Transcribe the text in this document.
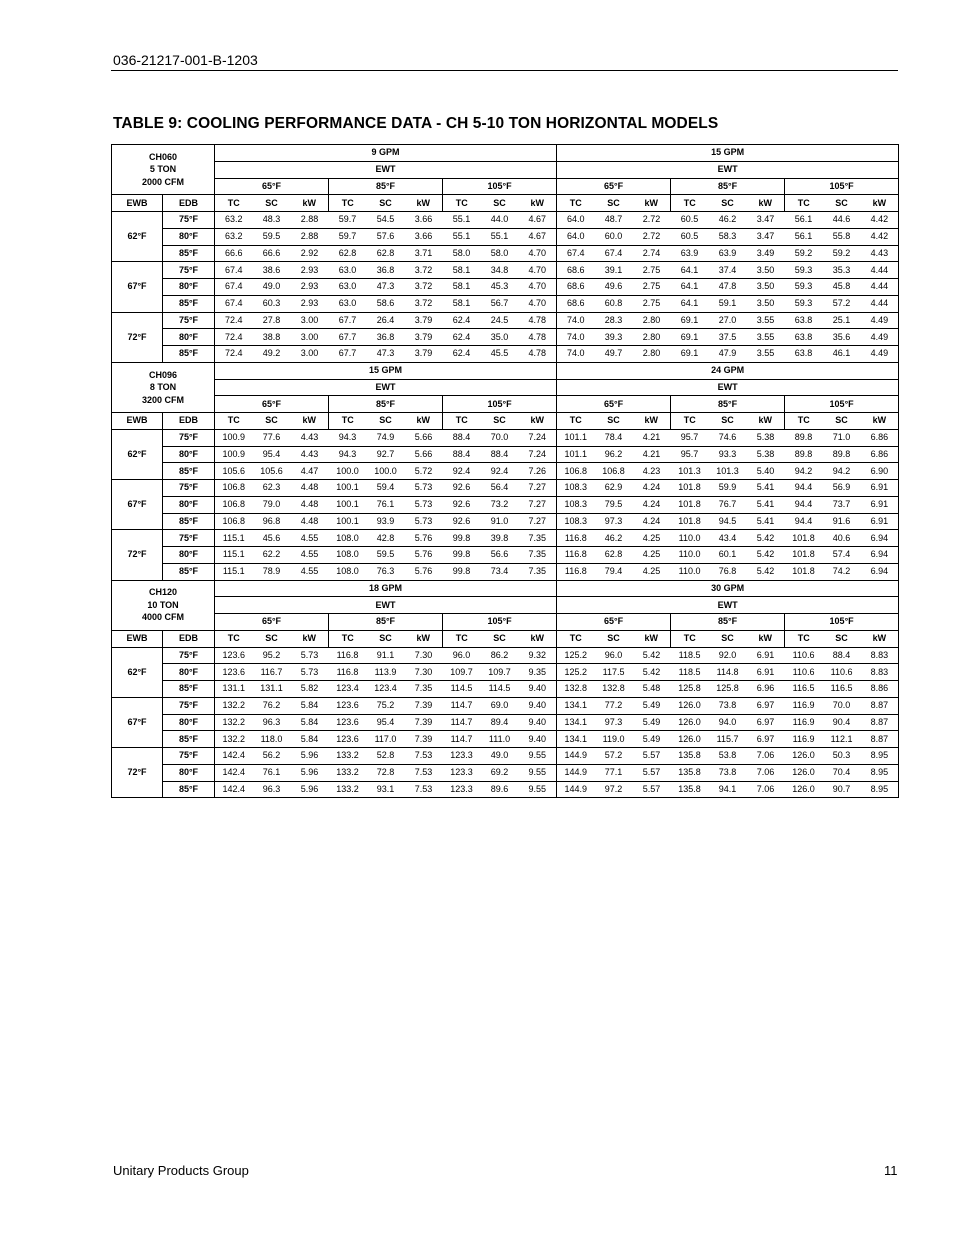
036-21217-001-B-1203
TABLE 9: COOLING PERFORMANCE DATA - CH 5-10 TON HORIZONTAL MODELS
CH060
5 TON
2000 CFM		9 GPM									15 GPM								
		EWT									EWT								
		65°F			85°F			105°F			65°F			85°F			105°F		
EWB	EDB	TC	SC	kW	TC	SC	kW	TC	SC	kW	TC	SC	kW	TC	SC	kW	TC	SC	kW
62°F	75°F	63.2	48.3	2.88	59.7	54.5	3.66	55.1	44.0	4.67	64.0	48.7	2.72	60.5	46.2	3.47	56.1	44.6	4.42
	80°F	63.2	59.5	2.88	59.7	57.6	3.66	55.1	55.1	4.67	64.0	60.0	2.72	60.5	58.3	3.47	56.1	55.8	4.42
	85°F	66.6	66.6	2.92	62.8	62.8	3.71	58.0	58.0	4.70	67.4	67.4	2.74	63.9	63.9	3.49	59.2	59.2	4.43
67°F	75°F	67.4	38.6	2.93	63.0	36.8	3.72	58.1	34.8	4.70	68.6	39.1	2.75	64.1	37.4	3.50	59.3	35.3	4.44
	80°F	67.4	49.0	2.93	63.0	47.3	3.72	58.1	45.3	4.70	68.6	49.6	2.75	64.1	47.8	3.50	59.3	45.8	4.44
	85°F	67.4	60.3	2.93	63.0	58.6	3.72	58.1	56.7	4.70	68.6	60.8	2.75	64.1	59.1	3.50	59.3	57.2	4.44
72°F	75°F	72.4	27.8	3.00	67.7	26.4	3.79	62.4	24.5	4.78	74.0	28.3	2.80	69.1	27.0	3.55	63.8	25.1	4.49
	80°F	72.4	38.8	3.00	67.7	36.8	3.79	62.4	35.0	4.78	74.0	39.3	2.80	69.1	37.5	3.55	63.8	35.6	4.49
	85°F	72.4	49.2	3.00	67.7	47.3	3.79	62.4	45.5	4.78	74.0	49.7	2.80	69.1	47.9	3.55	63.8	46.1	4.49

CH096
8 TON
3200 CFM		15 GPM									24 GPM								
		EWT									EWT								
		65°F			85°F			105°F			65°F			85°F			105°F		
EWB	EDB	TC	SC	kW	TC	SC	kW	TC	SC	kW	TC	SC	kW	TC	SC	kW	TC	SC	kW
62°F	75°F	100.9	77.6	4.43	94.3	74.9	5.66	88.4	70.0	7.24	101.1	78.4	4.21	95.7	74.6	5.38	89.8	71.0	6.86
	80°F	100.9	95.4	4.43	94.3	92.7	5.66	88.4	88.4	7.24	101.1	96.2	4.21	95.7	93.3	5.38	89.8	89.8	6.86
	85°F	105.6	105.6	4.47	100.0	100.0	5.72	92.4	92.4	7.26	106.8	106.8	4.23	101.3	101.3	5.40	94.2	94.2	6.90
67°F	75°F	106.8	62.3	4.48	100.1	59.4	5.73	92.6	56.4	7.27	108.3	62.9	4.24	101.8	59.9	5.41	94.4	56.9	6.91
	80°F	106.8	79.0	4.48	100.1	76.1	5.73	92.6	73.2	7.27	108.3	79.5	4.24	101.8	76.7	5.41	94.4	73.7	6.91
	85°F	106.8	96.8	4.48	100.1	93.9	5.73	92.6	91.0	7.27	108.3	97.3	4.24	101.8	94.5	5.41	94.4	91.6	6.91
72°F	75°F	115.1	45.6	4.55	108.0	42.8	5.76	99.8	39.8	7.35	116.8	46.2	4.25	110.0	43.4	5.42	101.8	40.6	6.94
	80°F	115.1	62.2	4.55	108.0	59.5	5.76	99.8	56.6	7.35	116.8	62.8	4.25	110.0	60.1	5.42	101.8	57.4	6.94
	85°F	115.1	78.9	4.55	108.0	76.3	5.76	99.8	73.4	7.35	116.8	79.4	4.25	110.0	76.8	5.42	101.8	74.2	6.94

CH120
10 TON
4000 CFM		18 GPM									30 GPM								
		EWT									EWT								
		65°F			85°F			105°F			65°F			85°F			105°F		
EWB	EDB	TC	SC	kW	TC	SC	kW	TC	SC	kW	TC	SC	kW	TC	SC	kW	TC	SC	kW
62°F	75°F	123.6	95.2	5.73	116.8	91.1	7.30	96.0	86.2	9.32	125.2	96.0	5.42	118.5	92.0	6.91	110.6	88.4	8.83
	80°F	123.6	116.7	5.73	116.8	113.9	7.30	109.7	109.7	9.35	125.2	117.5	5.42	118.5	114.8	6.91	110.6	110.6	8.83
	85°F	131.1	131.1	5.82	123.4	123.4	7.35	114.5	114.5	9.40	132.8	132.8	5.48	125.8	125.8	6.96	116.5	116.5	8.86
67°F	75°F	132.2	76.2	5.84	123.6	75.2	7.39	114.7	69.0	9.40	134.1	77.2	5.49	126.0	73.8	6.97	116.9	70.0	8.87
	80°F	132.2	96.3	5.84	123.6	95.4	7.39	114.7	89.4	9.40	134.1	97.3	5.49	126.0	94.0	6.97	116.9	90.4	8.87
	85°F	132.2	118.0	5.84	123.6	117.0	7.39	114.7	111.0	9.40	134.1	119.0	5.49	126.0	115.7	6.97	116.9	112.1	8.87
72°F	75°F	142.4	56.2	5.96	133.2	52.8	7.53	123.3	49.0	9.55	144.9	57.2	5.57	135.8	53.8	7.06	126.0	50.3	8.95
	80°F	142.4	76.1	5.96	133.2	72.8	7.53	123.3	69.2	9.55	144.9	77.1	5.57	135.8	73.8	7.06	126.0	70.4	8.95
	85°F	142.4	96.3	5.96	133.2	93.1	7.53	123.3	89.6	9.55	144.9	97.2	5.57	135.8	94.1	7.06	126.0	90.7	8.95
Unitary Products Group	11
